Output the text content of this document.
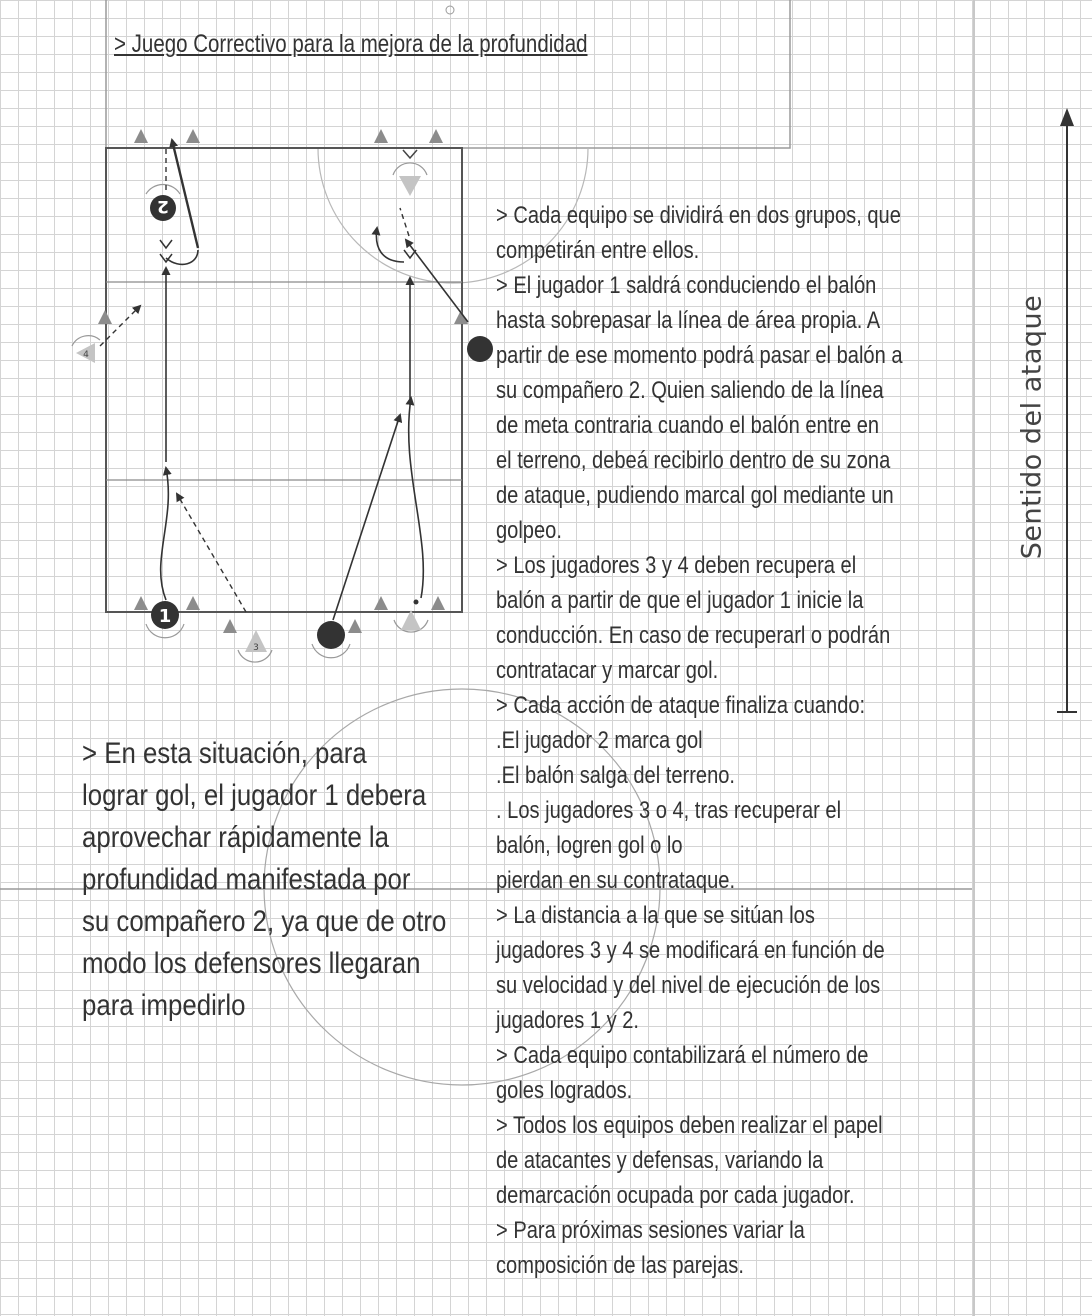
2
4
1
3
> Juego Correctivo para la mejora de la profundidad
> En esta situación, para
lograr gol, el jugador 1 debera
aprovechar rápidamente la
profundidad manifestada por
su compañero 2, ya que de otro
modo los defensores llegaran
para impedirlo
> Cada equipo se dividirá en dos grupos, que
competirán entre ellos.
> El jugador 1 saldrá conduciendo el balón
hasta sobrepasar la línea de área propia. A
partir de ese momento podrá pasar el balón a
su compañero 2. Quien saliendo de la línea
de meta contraria cuando el balón entre en
el terreno, debeá recibirlo dentro de su zona
de ataque, pudiendo marcal gol mediante un
golpeo.
> Los jugadores 3 y 4 deben recupera el
balón a partir de que el jugador 1 inicie la
conducción. En caso de recuperarl o podrán
contratacar y marcar gol.
> Cada acción de ataque finaliza cuando:
.El jugador 2 marca gol
.El balón salga del terreno.
. Los jugadores 3 o 4, tras recuperar el
balón, logren gol o lo
pierdan en su contrataque.
> La distancia a la que se sitúan los
jugadores 3 y 4 se modificará en función de
su velocidad y del nivel de ejecución de los
jugadores 1 y 2.
> Cada equipo contabilizará el número de
goles logrados.
> Todos los equipos deben realizar el papel
de atacantes y defensas, variando la
demarcación ocupada por cada jugador.
> Para próximas sesiones variar la
composición de las parejas.
Sentido del ataque
